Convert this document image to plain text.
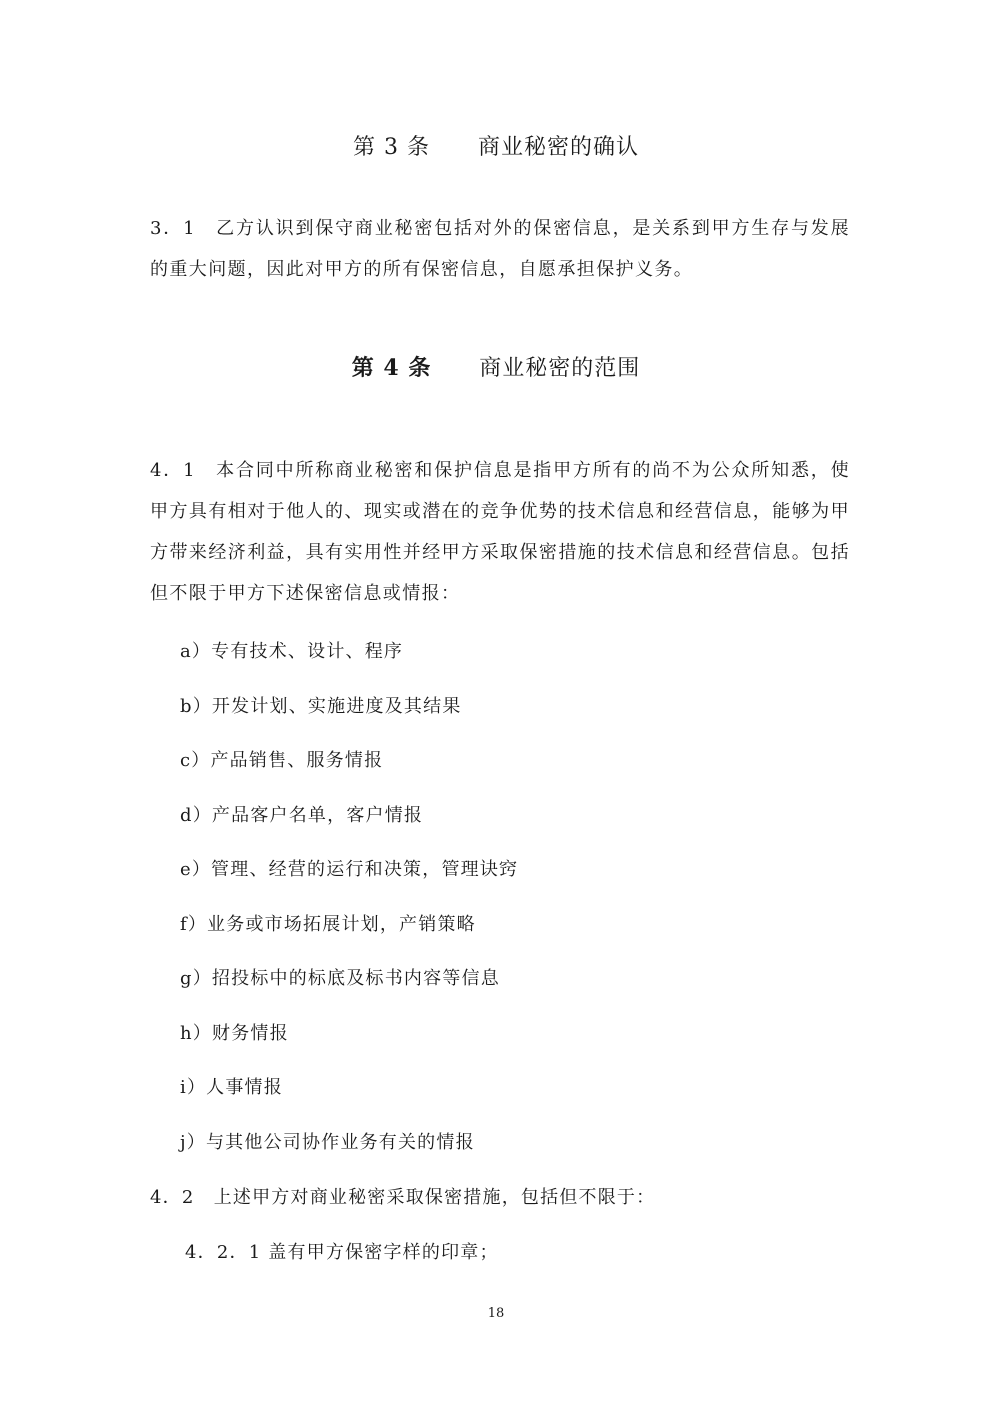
第 3 条 商业秘密的确认
3．1　乙方认识到保守商业秘密包括对外的保密信息，是关系到甲方生存与发展的重大问题，因此对甲方的所有保密信息，自愿承担保护义务。
第 4 条 商业秘密的范围
4．1　本合同中所称商业秘密和保护信息是指甲方所有的尚不为公众所知悉，使甲方具有相对于他人的、现实或潜在的竞争优势的技术信息和经营信息，能够为甲方带来经济利益，具有实用性并经甲方采取保密措施的技术信息和经营信息。包括但不限于甲方下述保密信息或情报：
a）专有技术、设计、程序
b）开发计划、实施进度及其结果
c）产品销售、服务情报
d）产品客户名单，客户情报
e）管理、经营的运行和决策，管理诀窍
f）业务或市场拓展计划，产销策略
g）招投标中的标底及标书内容等信息
h）财务情报
i）人事情报
j）与其他公司协作业务有关的情报
4．2　上述甲方对商业秘密采取保密措施，包括但不限于：
4．2．1 盖有甲方保密字样的印章；
18
